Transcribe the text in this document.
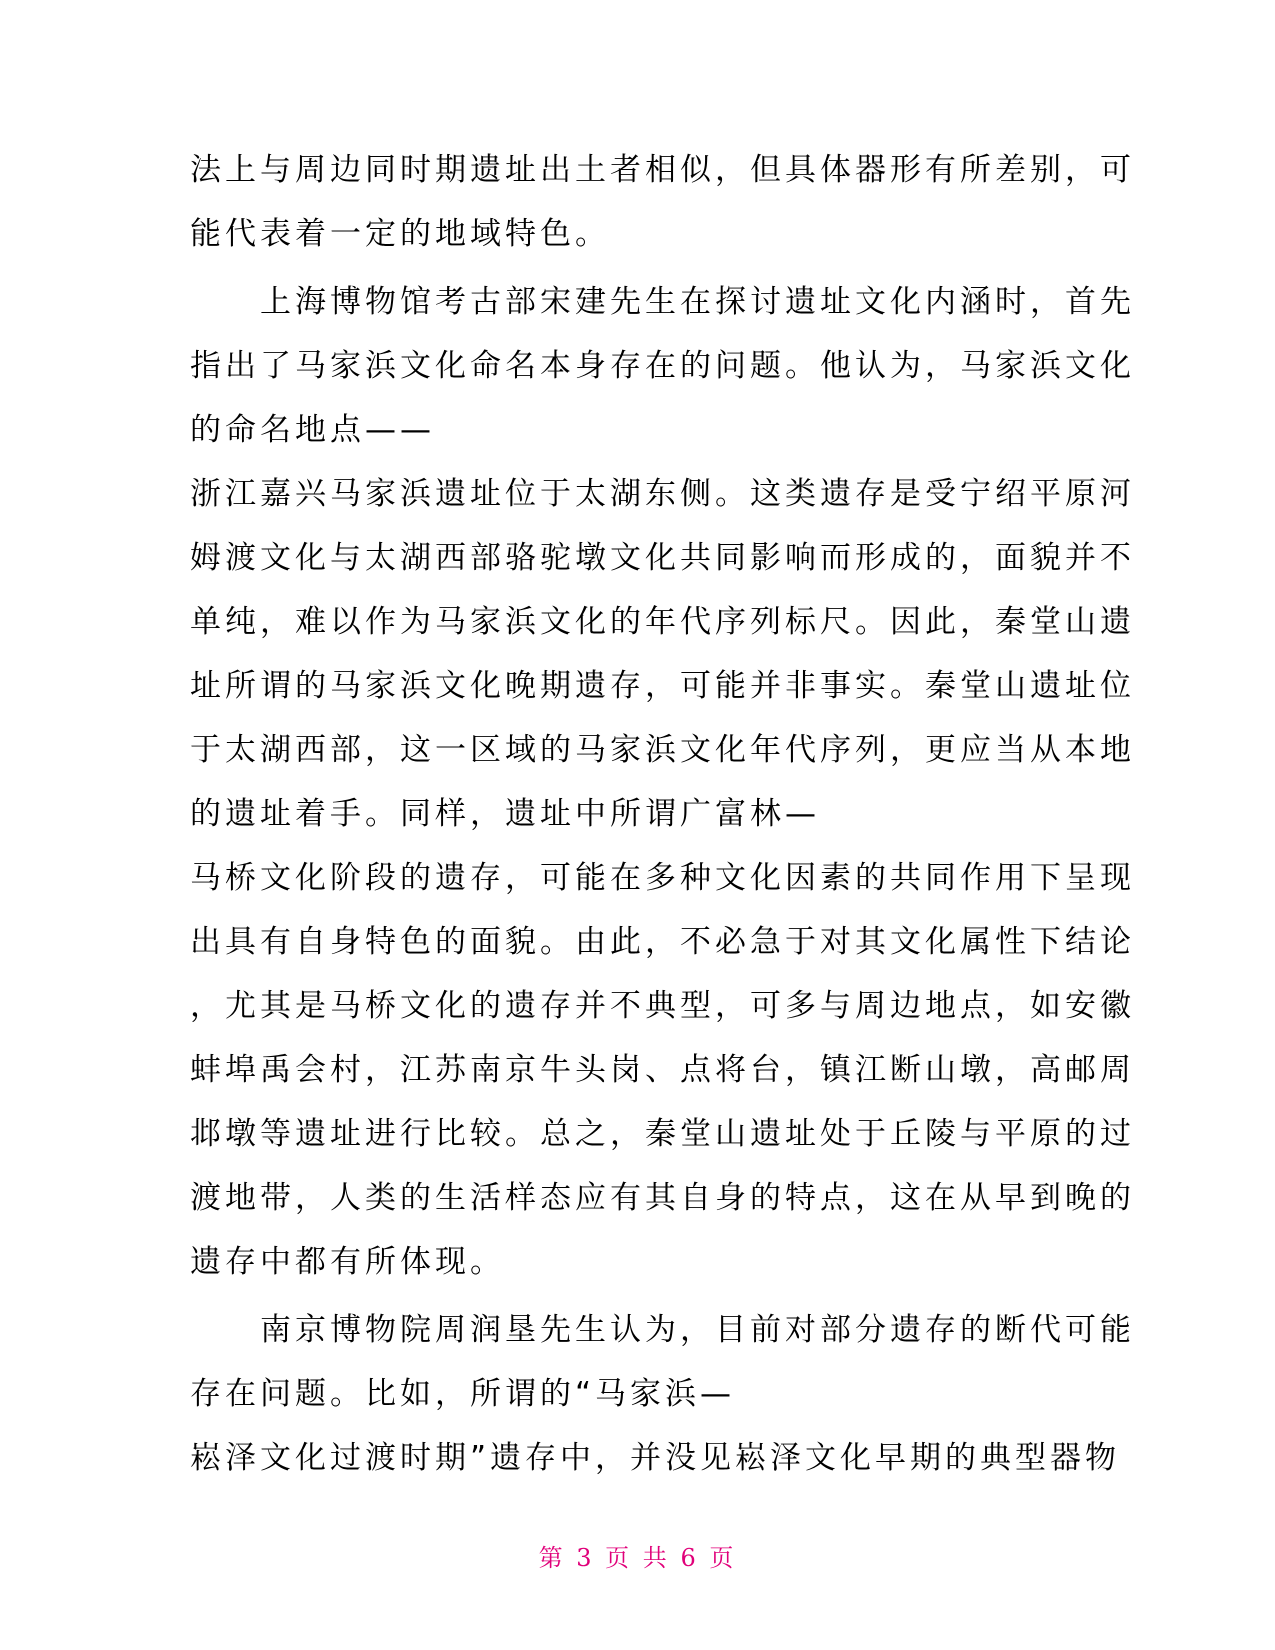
法上与周边同时期遗址出土者相似，但具体器形有所差别，可
能代表着一定的地域特色。
　　上海博物馆考古部宋建先生在探讨遗址文化内涵时，首先
指出了马家浜文化命名本身存在的问题。他认为，马家浜文化
的命名地点——
浙江嘉兴马家浜遗址位于太湖东侧。这类遗存是受宁绍平原河
姆渡文化与太湖西部骆驼墩文化共同影响而形成的，面貌并不
单纯，难以作为马家浜文化的年代序列标尺。因此，秦堂山遗
址所谓的马家浜文化晚期遗存，可能并非事实。秦堂山遗址位
于太湖西部，这一区域的马家浜文化年代序列，更应当从本地
的遗址着手。同样，遗址中所谓广富林—
马桥文化阶段的遗存，可能在多种文化因素的共同作用下呈现
出具有自身特色的面貌。由此，不必急于对其文化属性下结论
，尤其是马桥文化的遗存并不典型，可多与周边地点，如安徽
蚌埠禹会村，江苏南京牛头岗、点将台，镇江断山墩，高邮周
邶墩等遗址进行比较。总之，秦堂山遗址处于丘陵与平原的过
渡地带，人类的生活样态应有其自身的特点，这在从早到晚的
遗存中都有所体现。
　　南京博物院周润垦先生认为，目前对部分遗存的断代可能
存在问题。比如，所谓的“马家浜—
崧泽文化过渡时期”遗存中，并没见崧泽文化早期的典型器物
第 3 页 共 6 页
